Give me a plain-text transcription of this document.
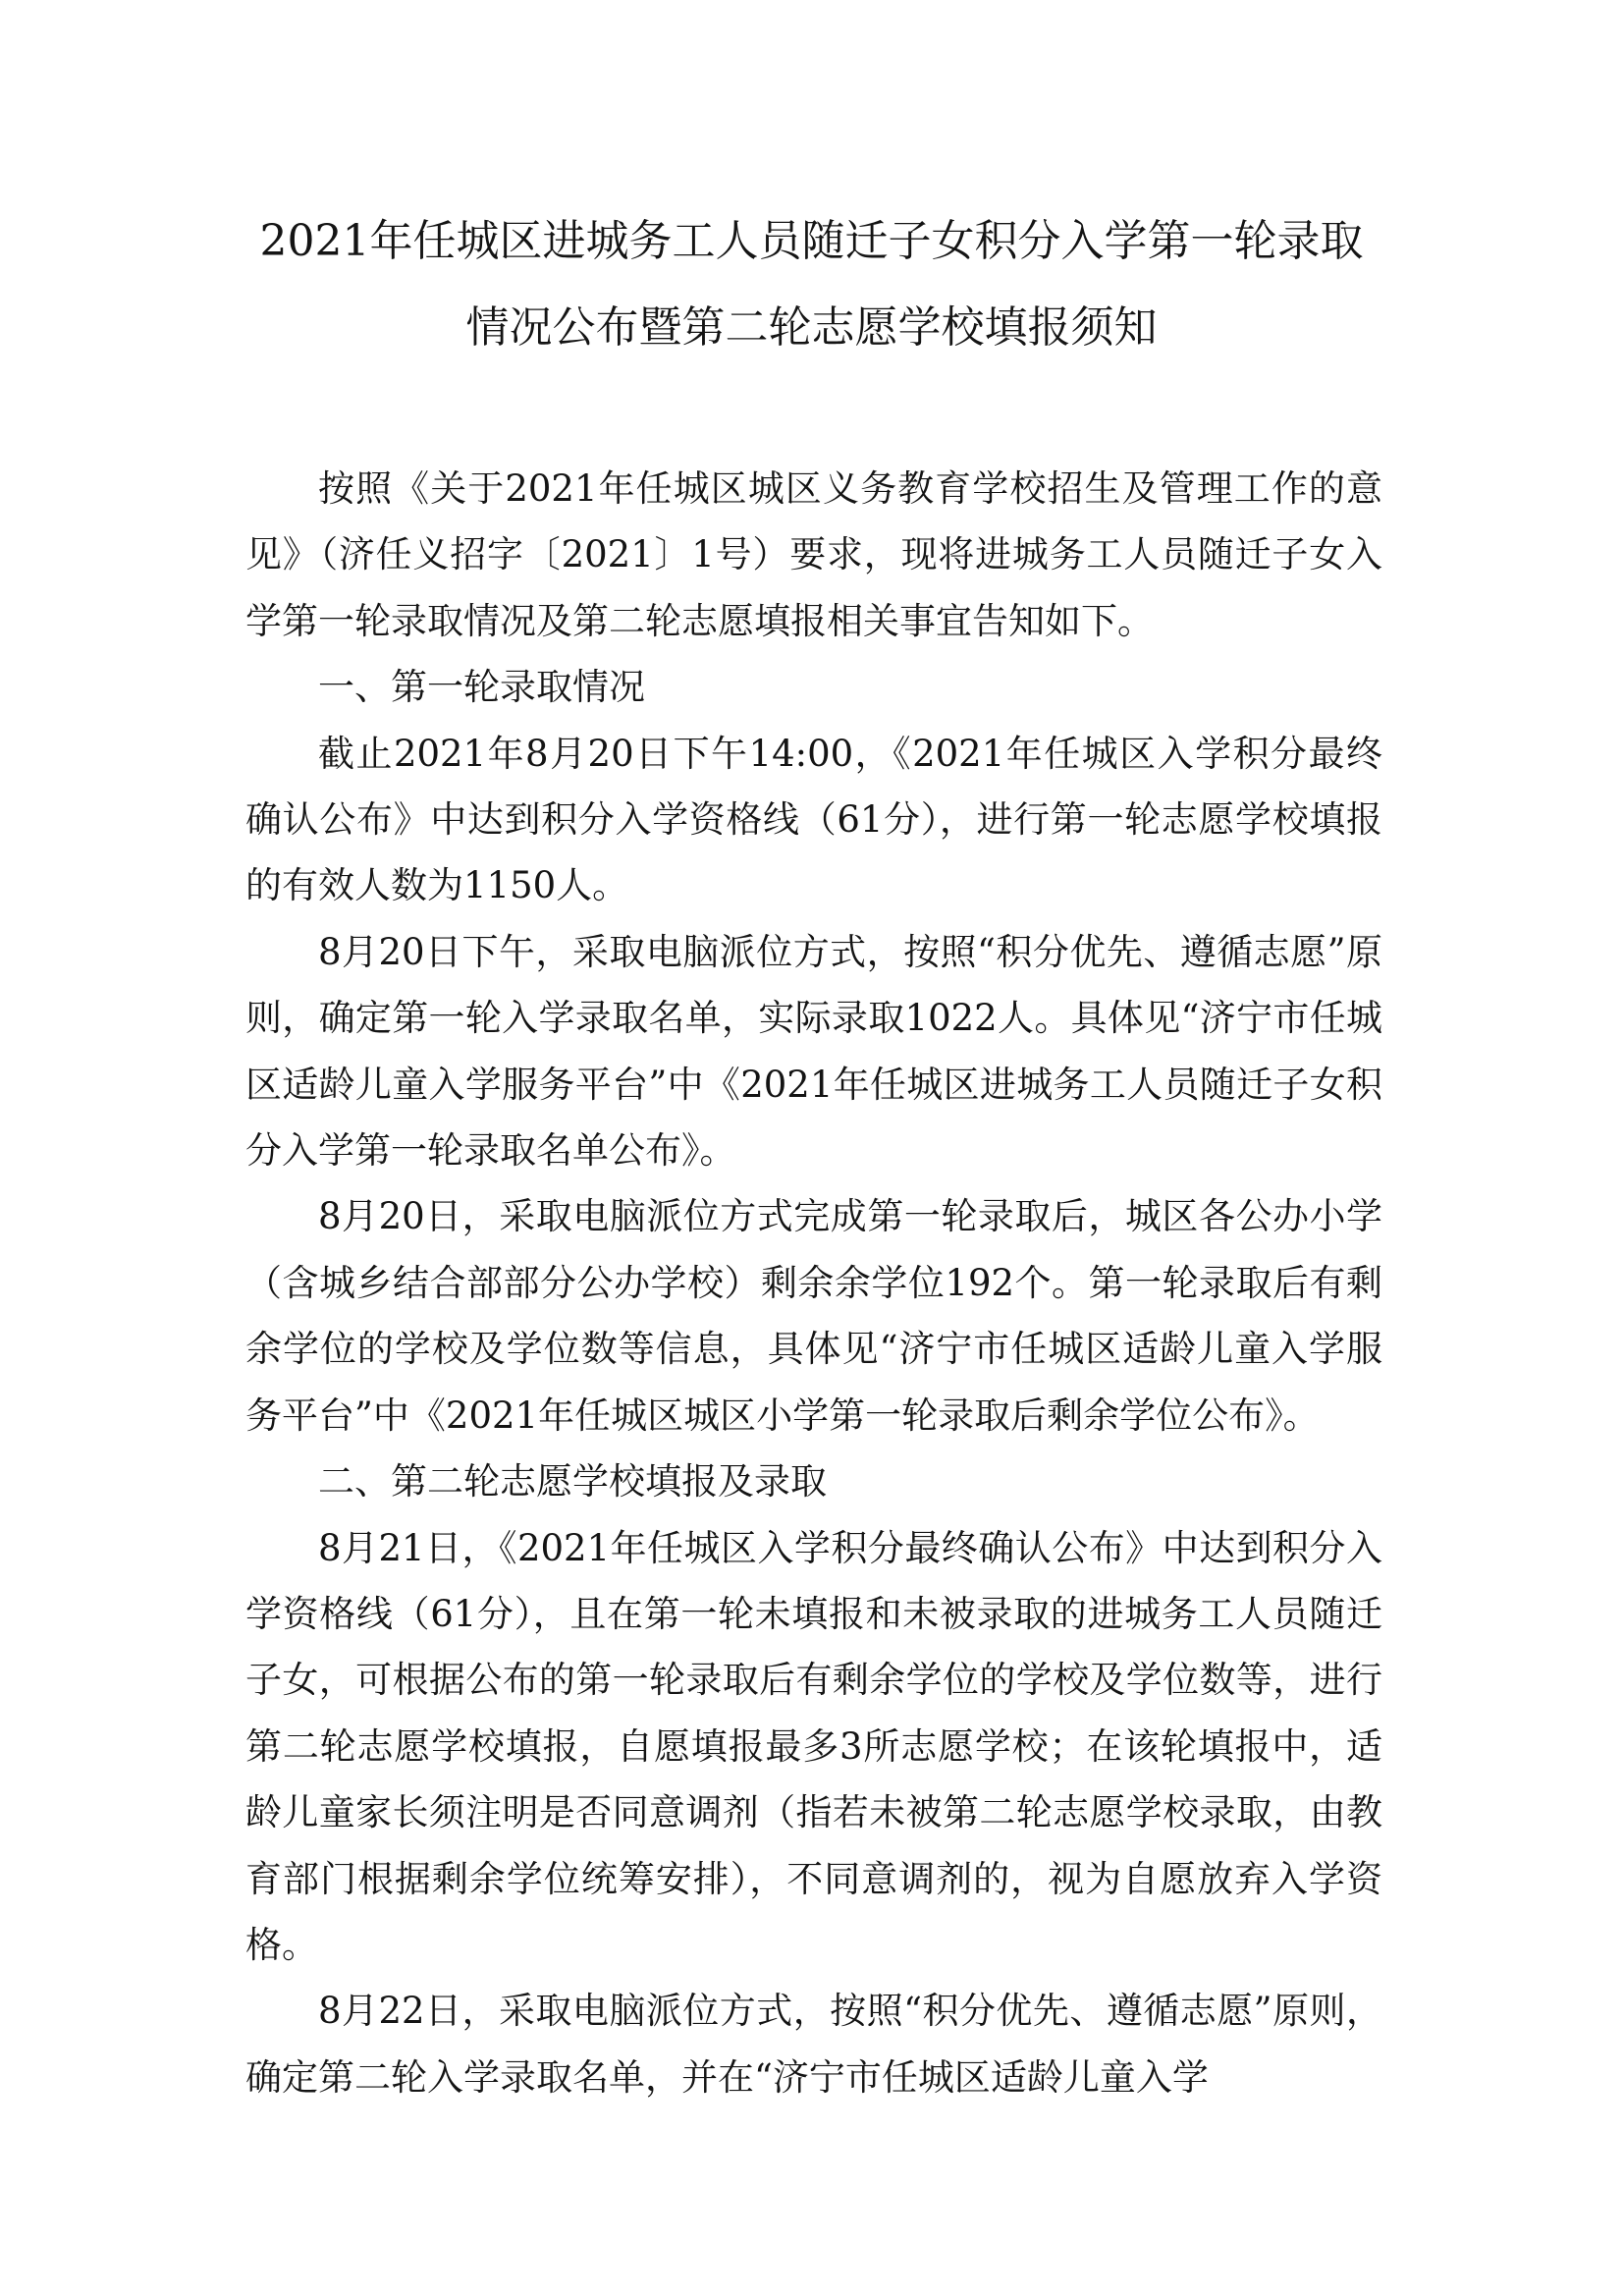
2021年任城区进城务工人员随迁子女积分入学第一轮录取
情况公布暨第二轮志愿学校填报须知

按照《关于2021年任城区城区义务教育学校招生及管理工作的意见》（济任义招字〔2021〕1号）要求，现将进城务工人员随迁子女入学第一轮录取情况及第二轮志愿填报相关事宜告知如下。

一、第一轮录取情况

截止2021年8月20日下午14:00，《2021年任城区入学积分最终确认公布》中达到积分入学资格线（61分），进行第一轮志愿学校填报的有效人数为1150人。

8月20日下午，采取电脑派位方式，按照“积分优先、遵循志愿”原则，确定第一轮入学录取名单，实际录取1022人。具体见“济宁市任城区适龄儿童入学服务平台”中《2021年任城区进城务工人员随迁子女积分入学第一轮录取名单公布》。

8月20日，采取电脑派位方式完成第一轮录取后，城区各公办小学（含城乡结合部部分公办学校）剩余余学位192个。第一轮录取后有剩余学位的学校及学位数等信息，具体见“济宁市任城区适龄儿童入学服务平台”中《2021年任城区城区小学第一轮录取后剩余学位公布》。

二、第二轮志愿学校填报及录取

8月21日，《2021年任城区入学积分最终确认公布》中达到积分入学资格线（61分），且在第一轮未填报和未被录取的进城务工人员随迁子女，可根据公布的第一轮录取后有剩余学位的学校及学位数等，进行第二轮志愿学校填报，自愿填报最多3所志愿学校；在该轮填报中，适龄儿童家长须注明是否同意调剂（指若未被第二轮志愿学校录取，由教育部门根据剩余学位统筹安排），不同意调剂的，视为自愿放弃入学资格。

8月22日，采取电脑派位方式，按照“积分优先、遵循志愿”原则，确定第二轮入学录取名单，并在“济宁市任城区适龄儿童入学
